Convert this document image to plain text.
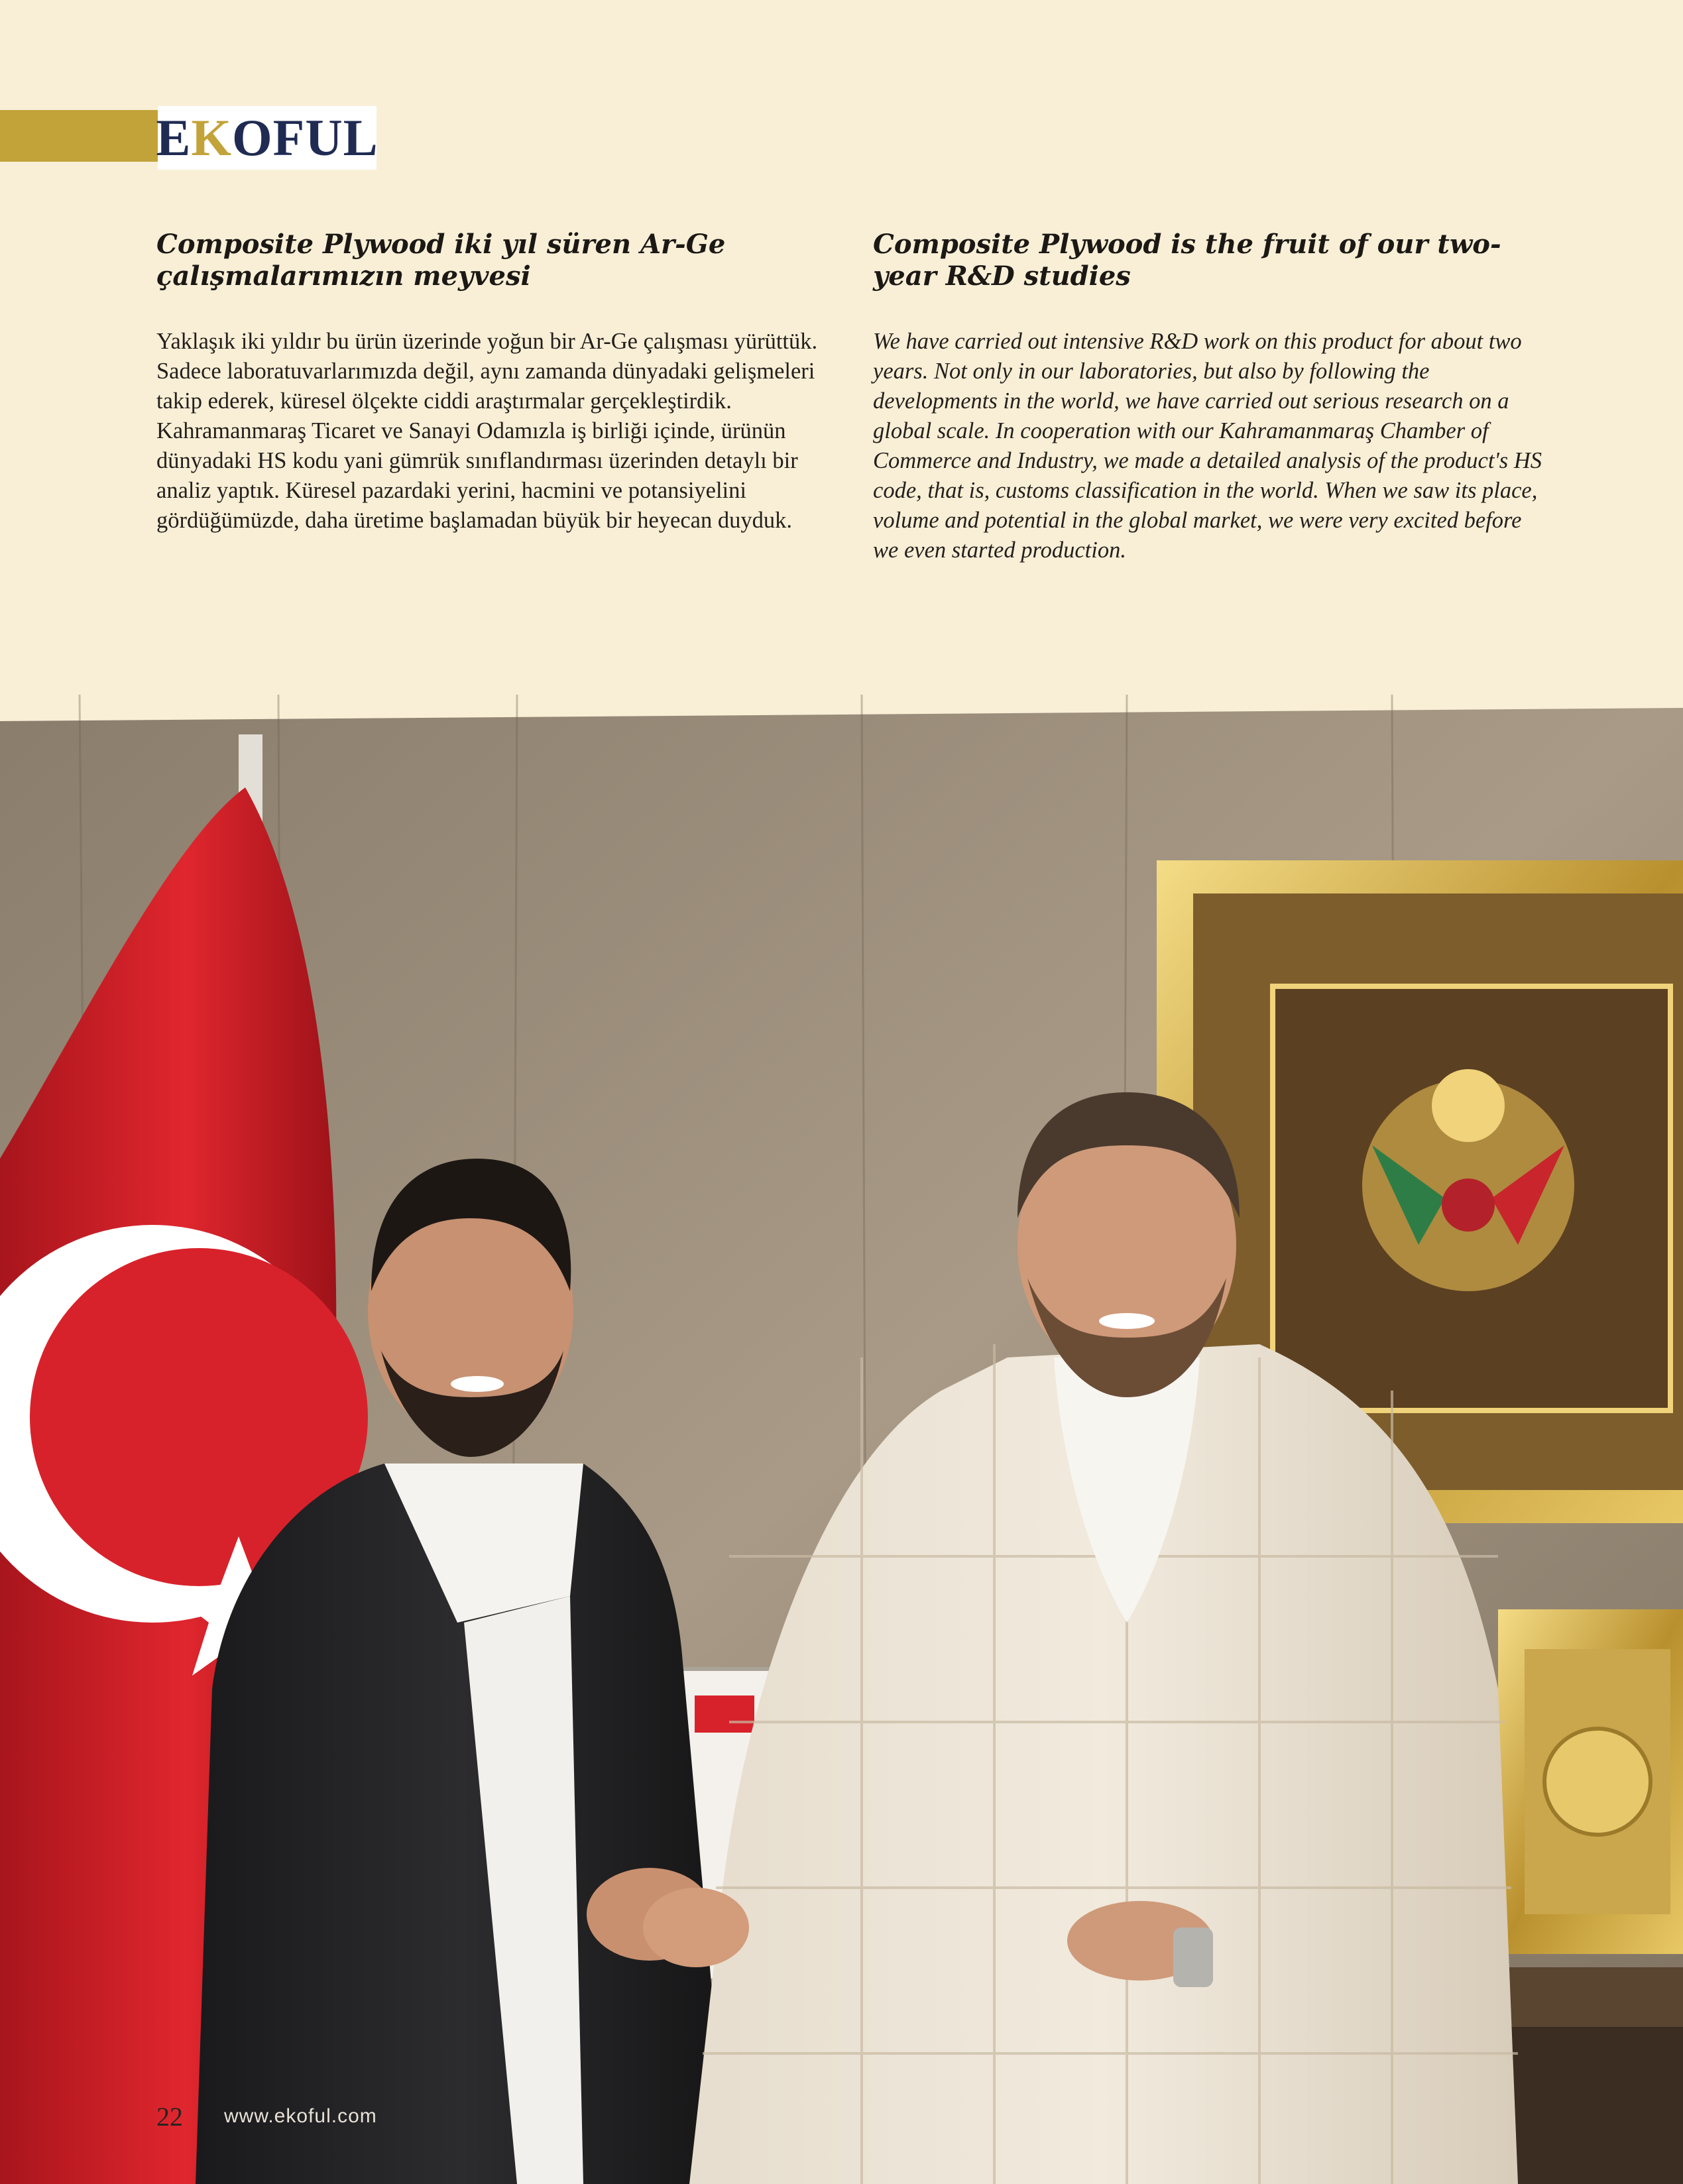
E K OFUL
Composite Plywood iki yıl süren Ar-Ge çalışmalarımızın meyvesi

Yaklaşık iki yıldır bu ürün üzerinde yoğun bir Ar-Ge çalışması yürüttük. Sadece laboratuvarlarımızda değil, aynı zamanda dünyadaki gelişmeleri takip ederek, küresel ölçekte ciddi araştırmalar gerçekleştirdik. Kahramanmaraş Ticaret ve Sanayi Odamızla iş birliği içinde, ürünün dünyadaki HS kodu yani gümrük sınıflandırması üzerinden detaylı bir analiz yaptık. Küresel pazardaki yerini, hacmini ve potansiyelini gördüğümüzde, daha üretime başlamadan büyük bir heyecan duyduk.

Composite Plywood is the fruit of our two-year R&D studies

We have carried out intensive R&D work on this product for about two years. Not only in our laboratories, but also by following the developments in the world, we have carried out serious research on a global scale. In cooperation with our Kahramanmaraş Chamber of Commerce and Industry, we made a detailed analysis of the product's HS code, that is, customs classification in the world. When we saw its place, volume and potential in the global market, we were very excited before we even started production.

22 www.ekoful.com
